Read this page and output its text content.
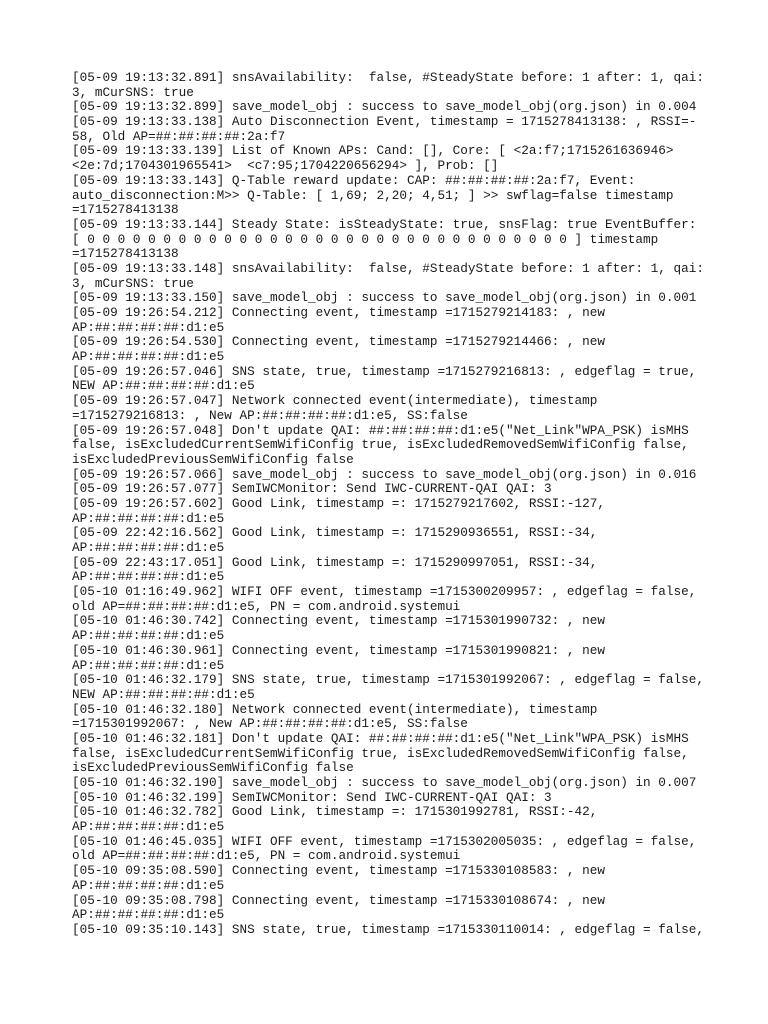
[05-09 19:13:32.891] snsAvailability:  false, #SteadyState before: 1 after: 1, qai:
3, mCurSNS: true
[05-09 19:13:32.899] save_model_obj : success to save_model_obj(org.json) in 0.004
[05-09 19:13:33.138] Auto Disconnection Event, timestamp = 1715278413138: , RSSI=-
58, Old AP=##:##:##:##:2a:f7
[05-09 19:13:33.139] List of Known APs: Cand: [], Core: [ <2a:f7;1715261636946>
<2e:7d;1704301965541>  <c7:95;1704220656294> ], Prob: []
[05-09 19:13:33.143] Q-Table reward update: CAP: ##:##:##:##:2a:f7, Event:
auto_disconnection:M>> Q-Table: [ 1,69; 2,20; 4,51; ] >> swflag=false timestamp
=1715278413138
[05-09 19:13:33.144] Steady State: isSteadyState: true, snsFlag: true EventBuffer:
[ 0 0 0 0 0 0 0 0 0 0 0 0 0 0 0 0 0 0 0 0 0 0 0 0 0 0 0 0 0 0 0 0 ] timestamp
=1715278413138
[05-09 19:13:33.148] snsAvailability:  false, #SteadyState before: 1 after: 1, qai:
3, mCurSNS: true
[05-09 19:13:33.150] save_model_obj : success to save_model_obj(org.json) in 0.001
[05-09 19:26:54.212] Connecting event, timestamp =1715279214183: , new
AP:##:##:##:##:d1:e5
[05-09 19:26:54.530] Connecting event, timestamp =1715279214466: , new
AP:##:##:##:##:d1:e5
[05-09 19:26:57.046] SNS state, true, timestamp =1715279216813: , edgeflag = true,
NEW AP:##:##:##:##:d1:e5
[05-09 19:26:57.047] Network connected event(intermediate), timestamp
=1715279216813: , New AP:##:##:##:##:d1:e5, SS:false
[05-09 19:26:57.048] Don't update QAI: ##:##:##:##:d1:e5("Net_Link"WPA_PSK) isMHS
false, isExcludedCurrentSemWifiConfig true, isExcludedRemovedSemWifiConfig false,
isExcludedPreviousSemWifiConfig false
[05-09 19:26:57.066] save_model_obj : success to save_model_obj(org.json) in 0.016
[05-09 19:26:57.077] SemIWCMonitor: Send IWC-CURRENT-QAI QAI: 3
[05-09 19:26:57.602] Good Link, timestamp =: 1715279217602, RSSI:-127,
AP:##:##:##:##:d1:e5
[05-09 22:42:16.562] Good Link, timestamp =: 1715290936551, RSSI:-34,
AP:##:##:##:##:d1:e5
[05-09 22:43:17.051] Good Link, timestamp =: 1715290997051, RSSI:-34,
AP:##:##:##:##:d1:e5
[05-10 01:16:49.962] WIFI OFF event, timestamp =1715300209957: , edgeflag = false,
old AP=##:##:##:##:d1:e5, PN = com.android.systemui
[05-10 01:46:30.742] Connecting event, timestamp =1715301990732: , new
AP:##:##:##:##:d1:e5
[05-10 01:46:30.961] Connecting event, timestamp =1715301990821: , new
AP:##:##:##:##:d1:e5
[05-10 01:46:32.179] SNS state, true, timestamp =1715301992067: , edgeflag = false,
NEW AP:##:##:##:##:d1:e5
[05-10 01:46:32.180] Network connected event(intermediate), timestamp
=1715301992067: , New AP:##:##:##:##:d1:e5, SS:false
[05-10 01:46:32.181] Don't update QAI: ##:##:##:##:d1:e5("Net_Link"WPA_PSK) isMHS
false, isExcludedCurrentSemWifiConfig true, isExcludedRemovedSemWifiConfig false,
isExcludedPreviousSemWifiConfig false
[05-10 01:46:32.190] save_model_obj : success to save_model_obj(org.json) in 0.007
[05-10 01:46:32.199] SemIWCMonitor: Send IWC-CURRENT-QAI QAI: 3
[05-10 01:46:32.782] Good Link, timestamp =: 1715301992781, RSSI:-42,
AP:##:##:##:##:d1:e5
[05-10 01:46:45.035] WIFI OFF event, timestamp =1715302005035: , edgeflag = false,
old AP=##:##:##:##:d1:e5, PN = com.android.systemui
[05-10 09:35:08.590] Connecting event, timestamp =1715330108583: , new
AP:##:##:##:##:d1:e5
[05-10 09:35:08.798] Connecting event, timestamp =1715330108674: , new
AP:##:##:##:##:d1:e5
[05-10 09:35:10.143] SNS state, true, timestamp =1715330110014: , edgeflag = false,
